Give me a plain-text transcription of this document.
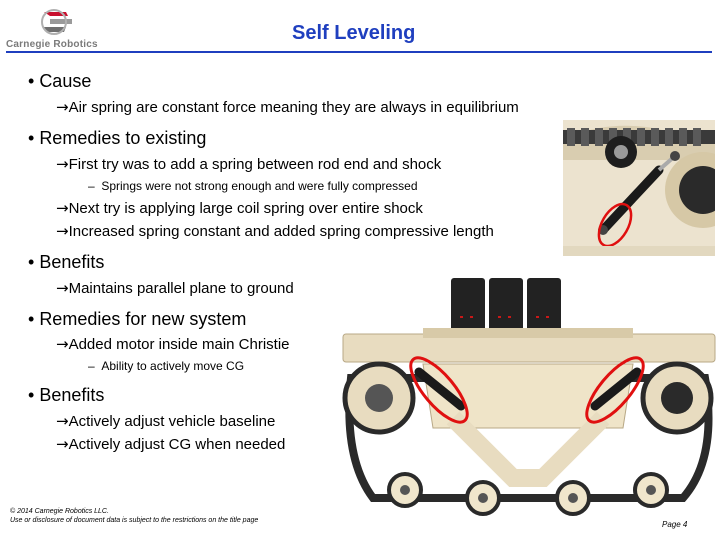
Carnegie Robotics
Self Leveling
• Cause
→Air spring are constant force meaning they are always in equilibrium
• Remedies to existing
→First try was to add a spring between rod end and shock
–  Springs were not strong enough and were fully compressed
→Next try is applying large coil spring over entire shock
→Increased spring constant and added spring compressive length
• Benefits
→Maintains parallel plane to ground
• Remedies for new system
→Added motor inside main Christie
–  Ability to actively move CG
• Benefits
→Actively adjust vehicle baseline
→Actively adjust CG when needed
© 2014 Carnegie Robotics LLC.
Use or disclosure of document data is subject to the restrictions on the title page	Page 4
